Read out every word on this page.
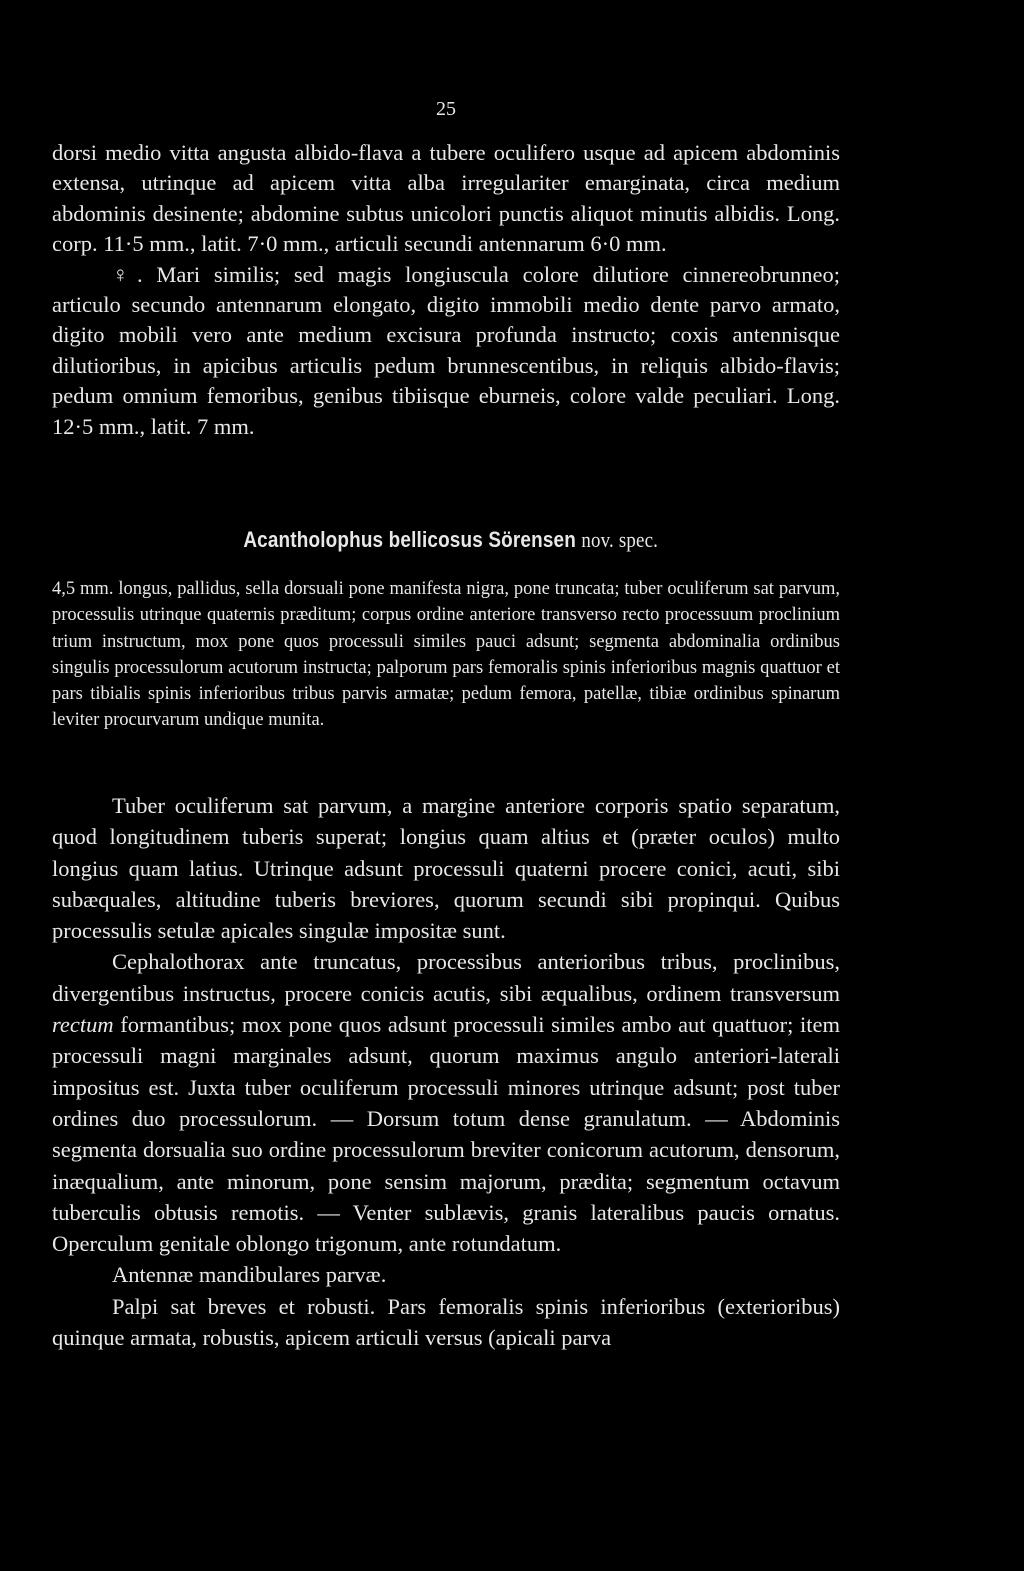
25

dorsi medio vitta angusta albido-flava a tubere oculifero usque ad apicem abdominis extensa, utrinque ad apicem vitta alba irregulariter emarginata, circa medium abdominis desinente; abdomine subtus unicolori punctis aliquot minutis albidis. Long. corp. 11·5 mm., latit. 7·0 mm., articuli secundi antennarum 6·0 mm.

♀. Mari similis; sed magis longiuscula colore dilutiore cinnereobrunneo; articulo secundo antennarum elongato, digito immobili medio dente parvo armato, digito mobili vero ante medium excisura profunda instructo; coxis antennisque dilutioribus, in apicibus articulis pedum brunnescentibus, in reliquis albido-flavis; pedum omnium femoribus, genibus tibiisque eburneis, colore valde peculiari. Long. 12·5 mm., latit. 7 mm.

Acantholophus bellicosus Sörensen nov. spec.

4,5 mm. longus, pallidus, sella dorsuali pone manifesta nigra, pone truncata; tuber oculiferum sat parvum, processulis utrinque quaternis præditum; corpus ordine anteriore transverso recto processuum proclinium trium instructum, mox pone quos processuli similes pauci adsunt; segmenta abdominalia ordinibus singulis processulorum acutorum instructa; palporum pars femoralis spinis inferioribus magnis quattuor et pars tibialis spinis inferioribus tribus parvis armatæ; pedum femora, patellæ, tibiæ ordinibus spinarum leviter procurvarum undique munita.

Tuber oculiferum sat parvum, a margine anteriore corporis spatio separatum, quod longitudinem tuberis superat; longius quam altius et (præter oculos) multo longius quam latius. Utrinque adsunt processuli quaterni procere conici, acuti, sibi subæquales, altitudine tuberis breviores, quorum secundi sibi propinqui. Quibus processulis setulæ apicales singulæ impositæ sunt.

Cephalothorax ante truncatus, processibus anterioribus tribus, proclinibus, divergentibus instructus, procere conicis acutis, sibi æqualibus, ordinem transversum rectum formantibus; mox pone quos adsunt processuli similes ambo aut quattuor; item processuli magni marginales adsunt, quorum maximus angulo anteriori-laterali impositus est. Juxta tuber oculiferum processuli minores utrinque adsunt; post tuber ordines duo processulorum. — Dorsum totum dense granulatum. — Abdominis segmenta dorsualia suo ordine processulorum breviter conicorum acutorum, densorum, inæqualium, ante minorum, pone sensim majorum, prædita; segmentum octavum tuberculis obtusis remotis. — Venter sublævis, granis lateralibus paucis ornatus. Operculum genitale oblongo trigonum, ante rotundatum.

Antennæ mandibulares parvæ.

Palpi sat breves et robusti. Pars femoralis spinis inferioribus (exterioribus) quinque armata, robustis, apicem articuli versus (apicali parva
